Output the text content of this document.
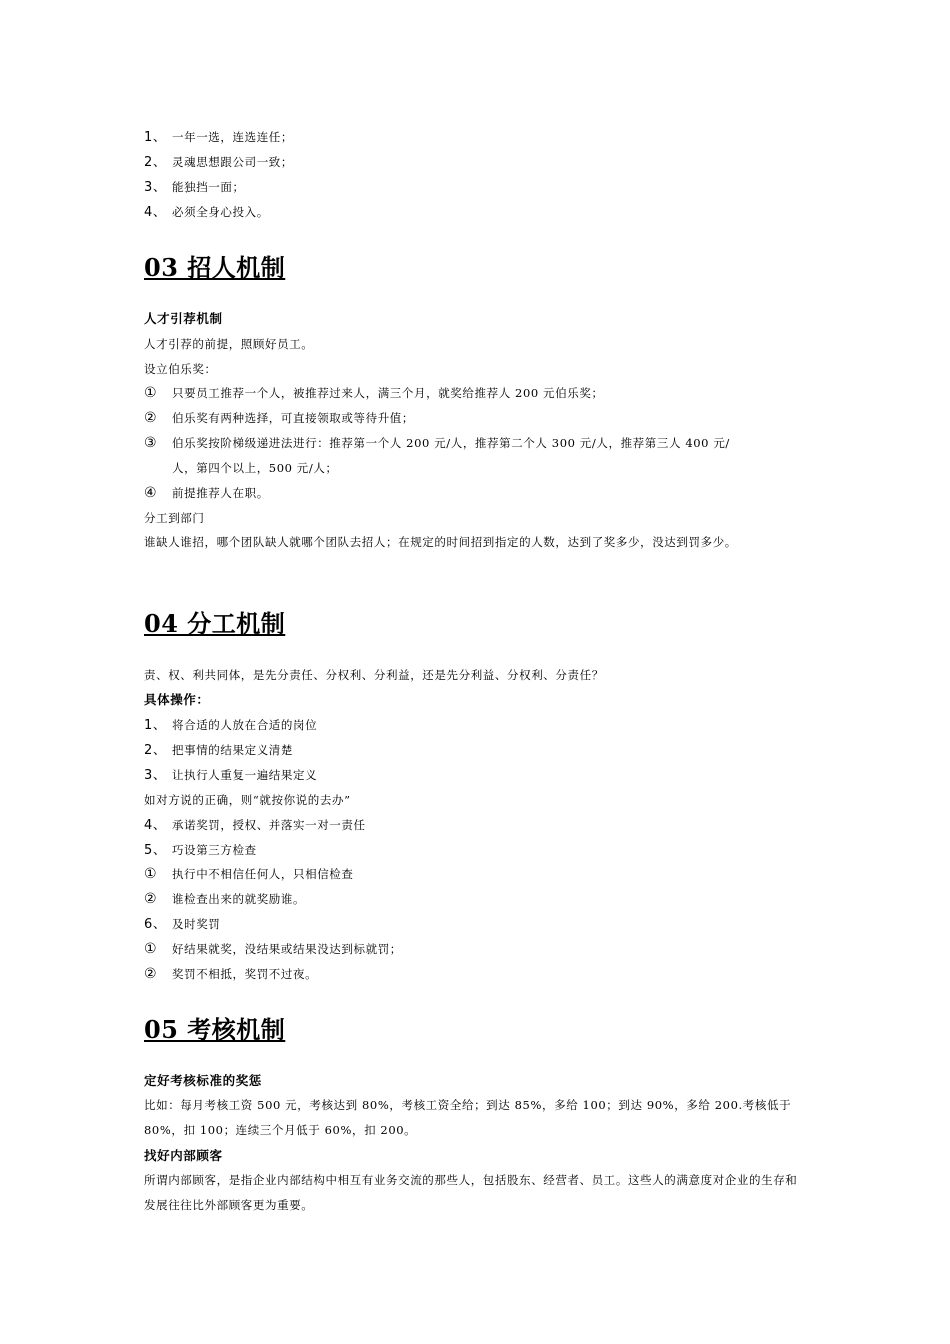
1、 一年一选，连选连任；
2、 灵魂思想跟公司一致；
3、 能独挡一面；
4、 必须全身心投入。
03 招人机制
人才引荐机制
人才引荐的前提，照顾好员工。
设立伯乐奖：
① 只要员工推荐一个人，被推荐过来人，满三个月，就奖给推荐人 200 元伯乐奖；
② 伯乐奖有两种选择，可直接领取或等待升值；
③ 伯乐奖按阶梯级递进法进行：推荐第一个人 200 元/人，推荐第二个人 300 元/人，推荐第三人 400 元/
人，第四个以上，500 元/人；
④ 前提推荐人在职。
分工到部门
谁缺人谁招，哪个团队缺人就哪个团队去招人；在规定的时间招到指定的人数，达到了奖多少，没达到罚多少。
04 分工机制
责、权、利共同体，是先分责任、分权利、分利益，还是先分利益、分权利、分责任？
具体操作：
1、 将合适的人放在合适的岗位
2、 把事情的结果定义清楚
3、 让执行人重复一遍结果定义
如对方说的正确，则“就按你说的去办”
4、 承诺奖罚，授权、并落实一对一责任
5、 巧设第三方检查
① 执行中不相信任何人，只相信检查
② 谁检查出来的就奖励谁。
6、 及时奖罚
① 好结果就奖，没结果或结果没达到标就罚；
② 奖罚不相抵，奖罚不过夜。
05 考核机制
定好考核标准的奖惩
比如：每月考核工资 500 元，考核达到 80%，考核工资全给；到达 85%，多给 100；到达 90%，多给 200.考核低于 80%，扣 100；连续三个月低于 60%，扣 200。
找好内部顾客
所谓内部顾客，是指企业内部结构中相互有业务交流的那些人，包括股东、经营者、员工。这些人的满意度对企业的生存和发展往往比外部顾客更为重要。
